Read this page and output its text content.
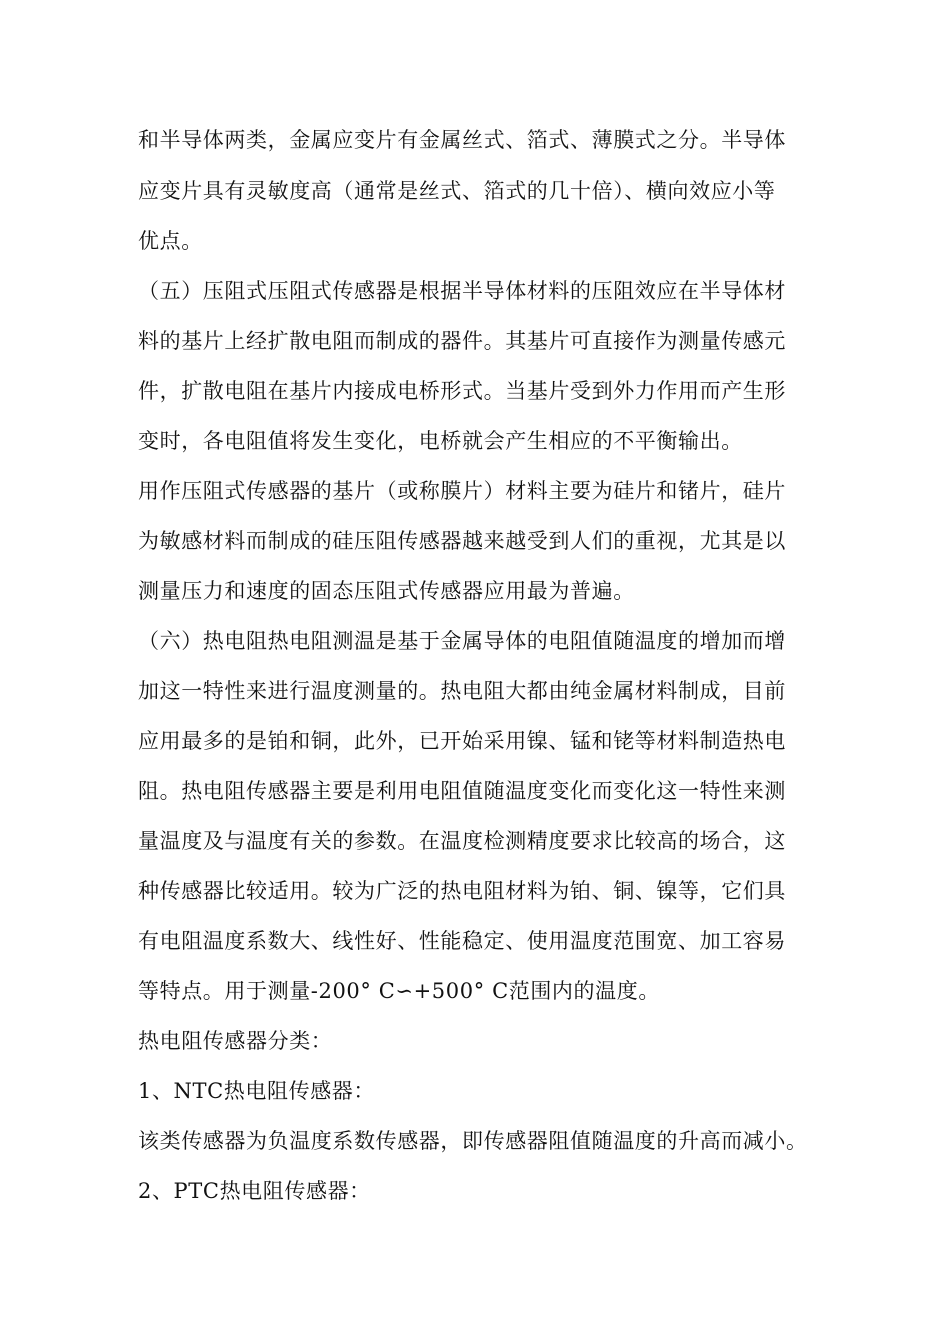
和半导体两类，金属应变片有金属丝式、箔式、薄膜式之分。半导体

应变片具有灵敏度高（通常是丝式、箔式的几十倍）、横向效应小等

优点。

（五）压阻式压阻式传感器是根据半导体材料的压阻效应在半导体材

料的基片上经扩散电阻而制成的器件。其基片可直接作为测量传感元

件，扩散电阻在基片内接成电桥形式。当基片受到外力作用而产生形

变时，各电阻值将发生变化，电桥就会产生相应的不平衡输出。

用作压阻式传感器的基片（或称膜片）材料主要为硅片和锗片，硅片

为敏感材料而制成的硅压阻传感器越来越受到人们的重视，尤其是以

测量压力和速度的固态压阻式传感器应用最为普遍。

（六）热电阻热电阻测温是基于金属导体的电阻值随温度的增加而增

加这一特性来进行温度测量的。热电阻大都由纯金属材料制成，目前

应用最多的是铂和铜，此外，已开始采用镍、锰和铑等材料制造热电

阻。热电阻传感器主要是利用电阻值随温度变化而变化这一特性来测

量温度及与温度有关的参数。在温度检测精度要求比较高的场合，这

种传感器比较适用。较为广泛的热电阻材料为铂、铜、镍等，它们具

有电阻温度系数大、线性好、性能稳定、使用温度范围宽、加工容易

等特点。用于测量-200° C∽+500° C范围内的温度。

热电阻传感器分类：

1、NTC热电阻传感器：

该类传感器为负温度系数传感器，即传感器阻值随温度的升高而减小。

2、PTC热电阻传感器：
